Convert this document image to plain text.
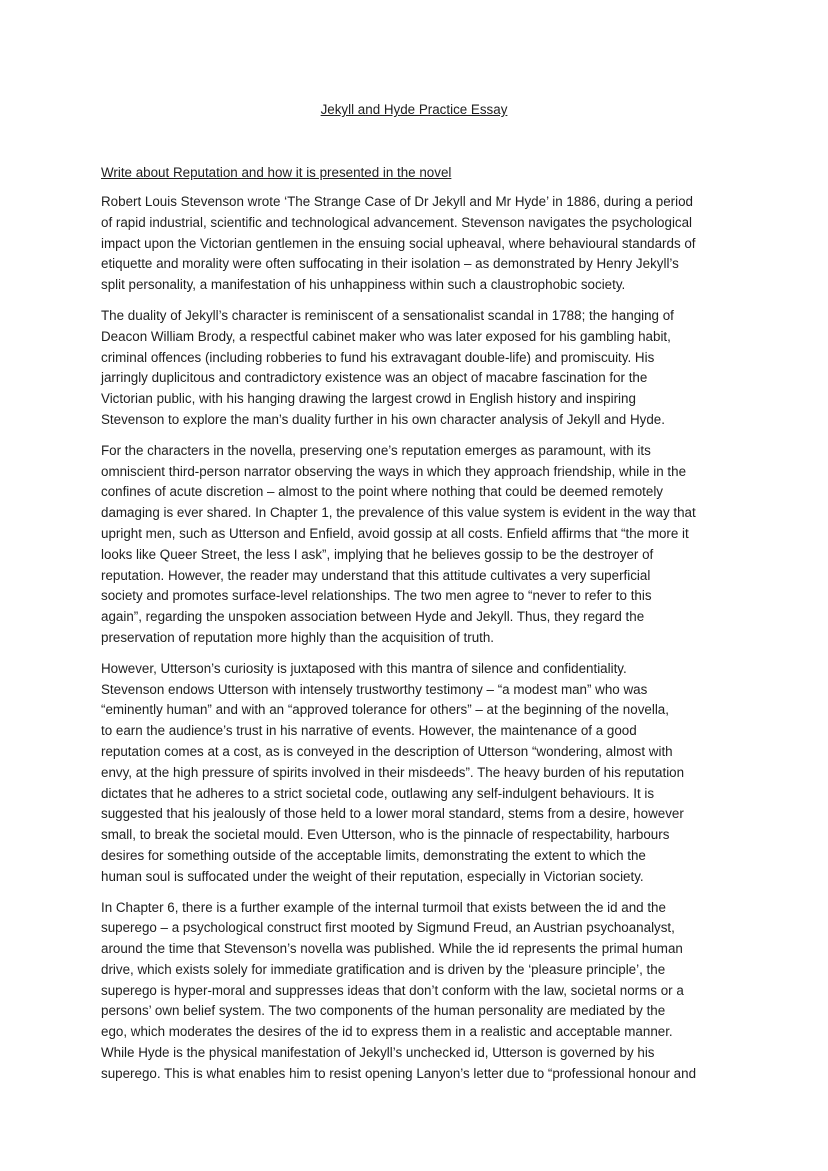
Jekyll and Hyde Practice Essay
Write about Reputation and how it is presented in the novel

Robert Louis Stevenson wrote ‘The Strange Case of Dr Jekyll and Mr Hyde’ in 1886, during a period
of rapid industrial, scientific and technological advancement. Stevenson navigates the psychological
impact upon the Victorian gentlemen in the ensuing social upheaval, where behavioural standards of
etiquette and morality were often suffocating in their isolation – as demonstrated by Henry Jekyll’s
split personality, a manifestation of his unhappiness within such a claustrophobic society.

The duality of Jekyll’s character is reminiscent of a sensationalist scandal in 1788; the hanging of
Deacon William Brody, a respectful cabinet maker who was later exposed for his gambling habit,
criminal offences (including robberies to fund his extravagant double-life) and promiscuity. His
jarringly duplicitous and contradictory existence was an object of macabre fascination for the
Victorian public, with his hanging drawing the largest crowd in English history and inspiring
Stevenson to explore the man’s duality further in his own character analysis of Jekyll and Hyde.

For the characters in the novella, preserving one’s reputation emerges as paramount, with its
omniscient third-person narrator observing the ways in which they approach friendship, while in the
confines of acute discretion – almost to the point where nothing that could be deemed remotely
damaging is ever shared. In Chapter 1, the prevalence of this value system is evident in the way that
upright men, such as Utterson and Enfield, avoid gossip at all costs. Enfield affirms that “the more it
looks like Queer Street, the less I ask”, implying that he believes gossip to be the destroyer of
reputation. However, the reader may understand that this attitude cultivates a very superficial
society and promotes surface-level relationships. The two men agree to “never to refer to this
again”, regarding the unspoken association between Hyde and Jekyll. Thus, they regard the
preservation of reputation more highly than the acquisition of truth.

However, Utterson’s curiosity is juxtaposed with this mantra of silence and confidentiality.
Stevenson endows Utterson with intensely trustworthy testimony – “a modest man” who was
“eminently human” and with an “approved tolerance for others” – at the beginning of the novella,
to earn the audience’s trust in his narrative of events. However, the maintenance of a good
reputation comes at a cost, as is conveyed in the description of Utterson “wondering, almost with
envy, at the high pressure of spirits involved in their misdeeds”. The heavy burden of his reputation
dictates that he adheres to a strict societal code, outlawing any self-indulgent behaviours. It is
suggested that his jealously of those held to a lower moral standard, stems from a desire, however
small, to break the societal mould. Even Utterson, who is the pinnacle of respectability, harbours
desires for something outside of the acceptable limits, demonstrating the extent to which the
human soul is suffocated under the weight of their reputation, especially in Victorian society.

In Chapter 6, there is a further example of the internal turmoil that exists between the id and the
superego – a psychological construct first mooted by Sigmund Freud, an Austrian psychoanalyst,
around the time that Stevenson’s novella was published. While the id represents the primal human
drive, which exists solely for immediate gratification and is driven by the ‘pleasure principle’, the
superego is hyper-moral and suppresses ideas that don’t conform with the law, societal norms or a
persons’ own belief system. The two components of the human personality are mediated by the
ego, which moderates the desires of the id to express them in a realistic and acceptable manner.
While Hyde is the physical manifestation of Jekyll’s unchecked id, Utterson is governed by his
superego. This is what enables him to resist opening Lanyon’s letter due to “professional honour and
